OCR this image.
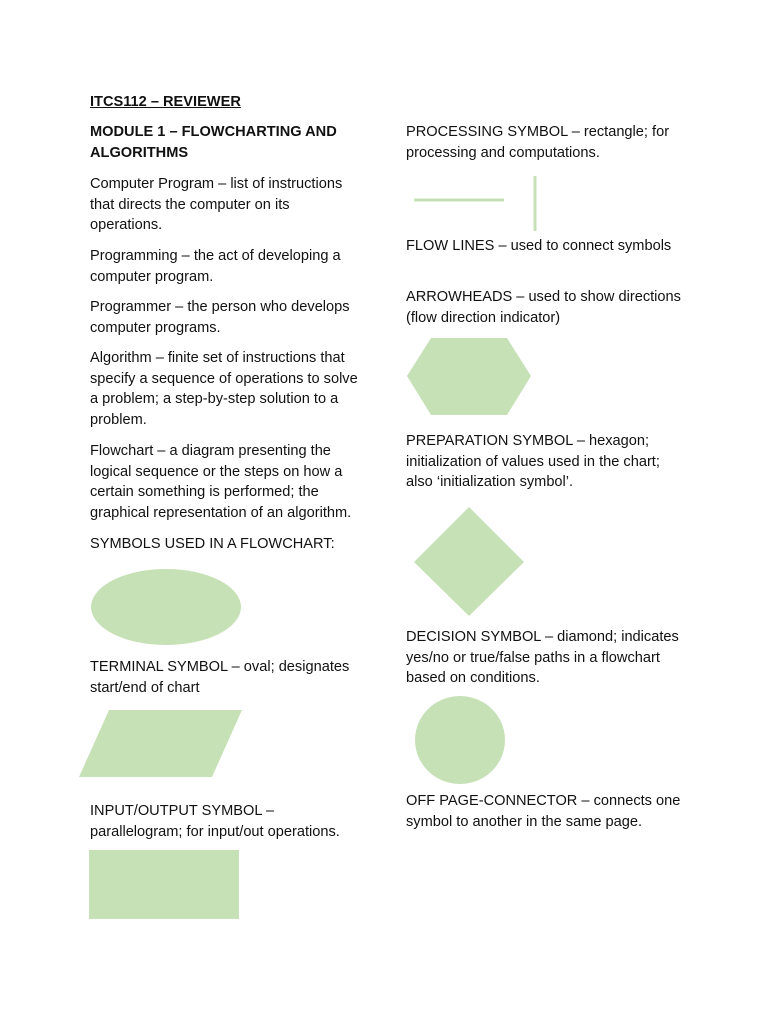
ITCS112 – REVIEWER

MODULE 1 – FLOWCHARTING AND ALGORITHMS

Computer Program – list of instructions that directs the computer on its operations.

Programming – the act of developing a computer program.

Programmer – the person who develops computer programs.

Algorithm – finite set of instructions that specify a sequence of operations to solve a problem; a step-by-step solution to a problem.

Flowchart – a diagram presenting the logical sequence or the steps on how a certain something is performed; the graphical representation of an algorithm.

SYMBOLS USED IN A FLOWCHART:

TERMINAL SYMBOL – oval; designates start/end of chart

INPUT/OUTPUT SYMBOL – parallelogram; for input/out operations.

PROCESSING SYMBOL – rectangle; for processing and computations.

FLOW LINES – used to connect symbols

ARROWHEADS – used to show directions (flow direction indicator)

PREPARATION SYMBOL – hexagon; initialization of values used in the chart; also ‘initialization symbol’.

DECISION SYMBOL – diamond; indicates yes/no or true/false paths in a flowchart based on conditions.

OFF PAGE-CONNECTOR – connects one symbol to another in the same page.
